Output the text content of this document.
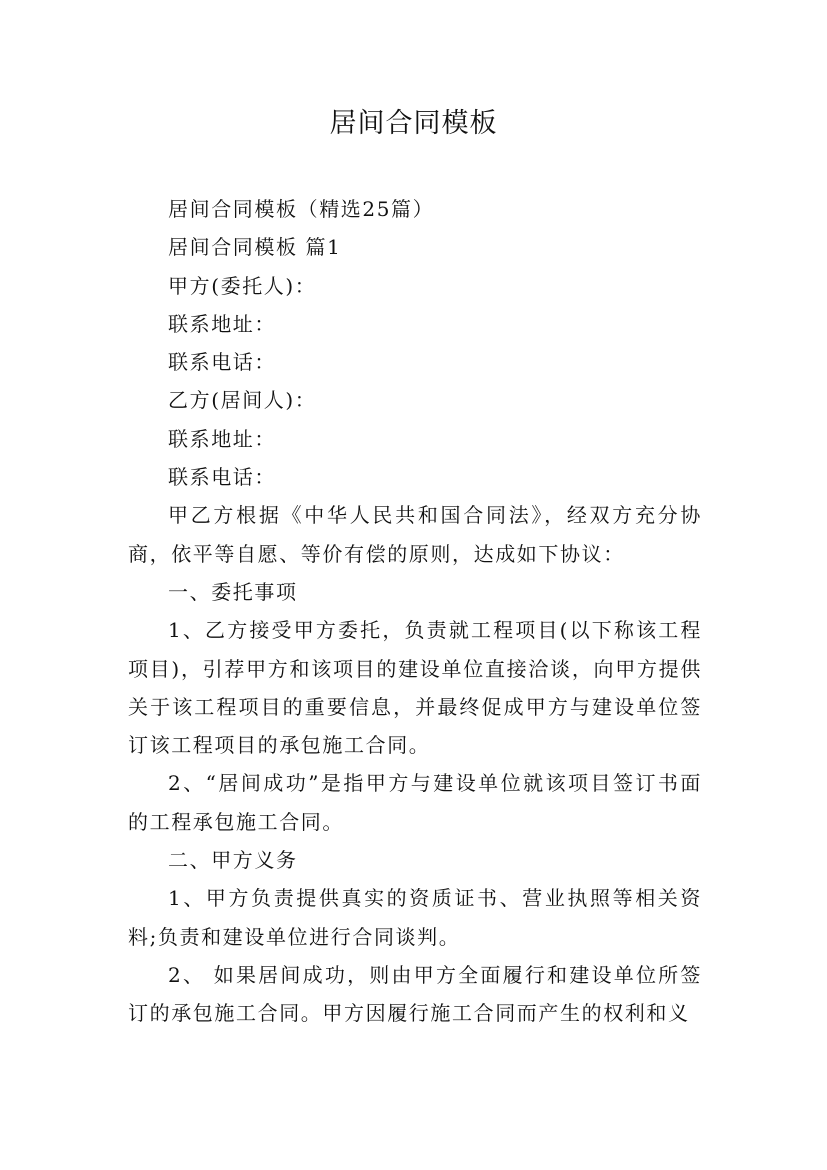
居间合同模板

居间合同模板（精选25篇）

居间合同模板 篇1

甲方(委托人)：

联系地址：

联系电话：

乙方(居间人)：

联系地址：

联系电话：

甲乙方根据《中华人民共和国合同法》，经双方充分协商，依平等自愿、等价有偿的原则，达成如下协议：

一、委托事项

1、乙方接受甲方委托，负责就工程项目(以下称该工程项目)，引荐甲方和该项目的建设单位直接洽谈，向甲方提供关于该工程项目的重要信息，并最终促成甲方与建设单位签订该工程项目的承包施工合同。

2、“居间成功”是指甲方与建设单位就该项目签订书面的工程承包施工合同。

二、甲方义务

1、甲方负责提供真实的资质证书、营业执照等相关资料;负责和建设单位进行合同谈判。

2、 如果居间成功，则由甲方全面履行和建设单位所签订的承包施工合同。甲方因履行施工合同而产生的权利和义
